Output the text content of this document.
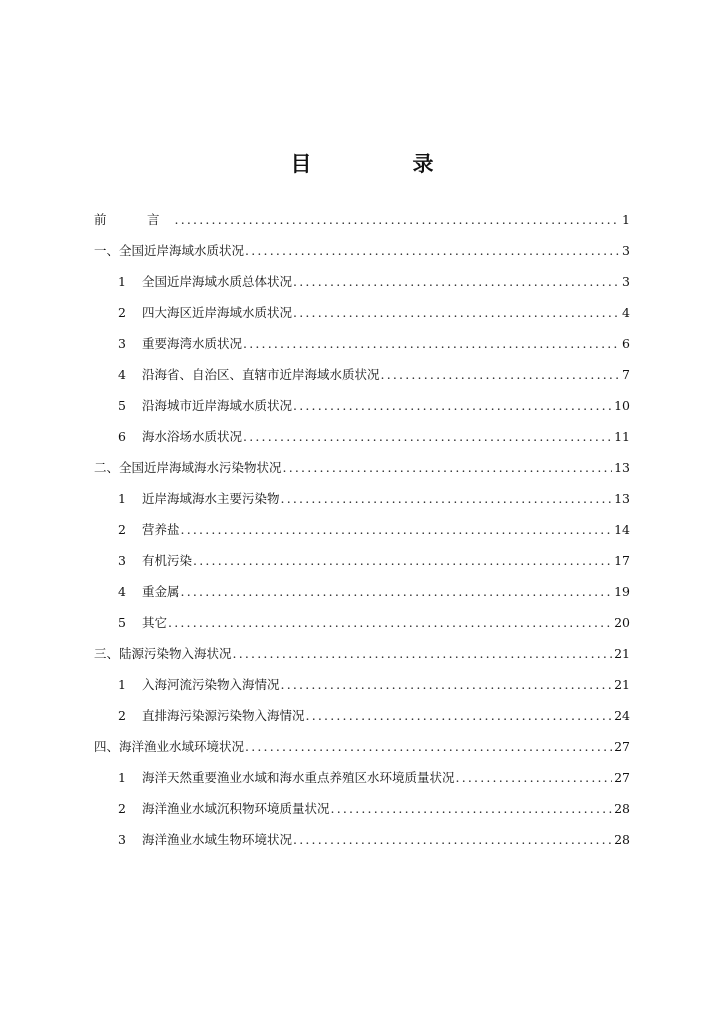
目　录
前　言 .....	1
一、全国近岸海域水质状况 .....	3
1	全国近岸海域水质总体状况 .....	3
2	四大海区近岸海域水质状况 .....	4
3	重要海湾水质状况 .....	6
4	沿海省、自治区、直辖市近岸海域水质状况 .....	7
5	沿海城市近岸海域水质状况 .....	10
6	海水浴场水质状况 .....	11
二、全国近岸海域海水污染物状况 .....	13
1	近岸海域海水主要污染物 .....	13
2	营养盐 .....	14
3	有机污染 .....	17
4	重金属 .....	19
5	其它 .....	20
三、陆源污染物入海状况 .....	21
1	入海河流污染物入海情况 .....	21
2	直排海污染源污染物入海情况 .....	24
四、海洋渔业水域环境状况 .....	27
1	海洋天然重要渔业水域和海水重点养殖区水环境质量状况 .....	27
2	海洋渔业水域沉积物环境质量状况 .....	28
3	海洋渔业水域生物环境状况 .....	28
